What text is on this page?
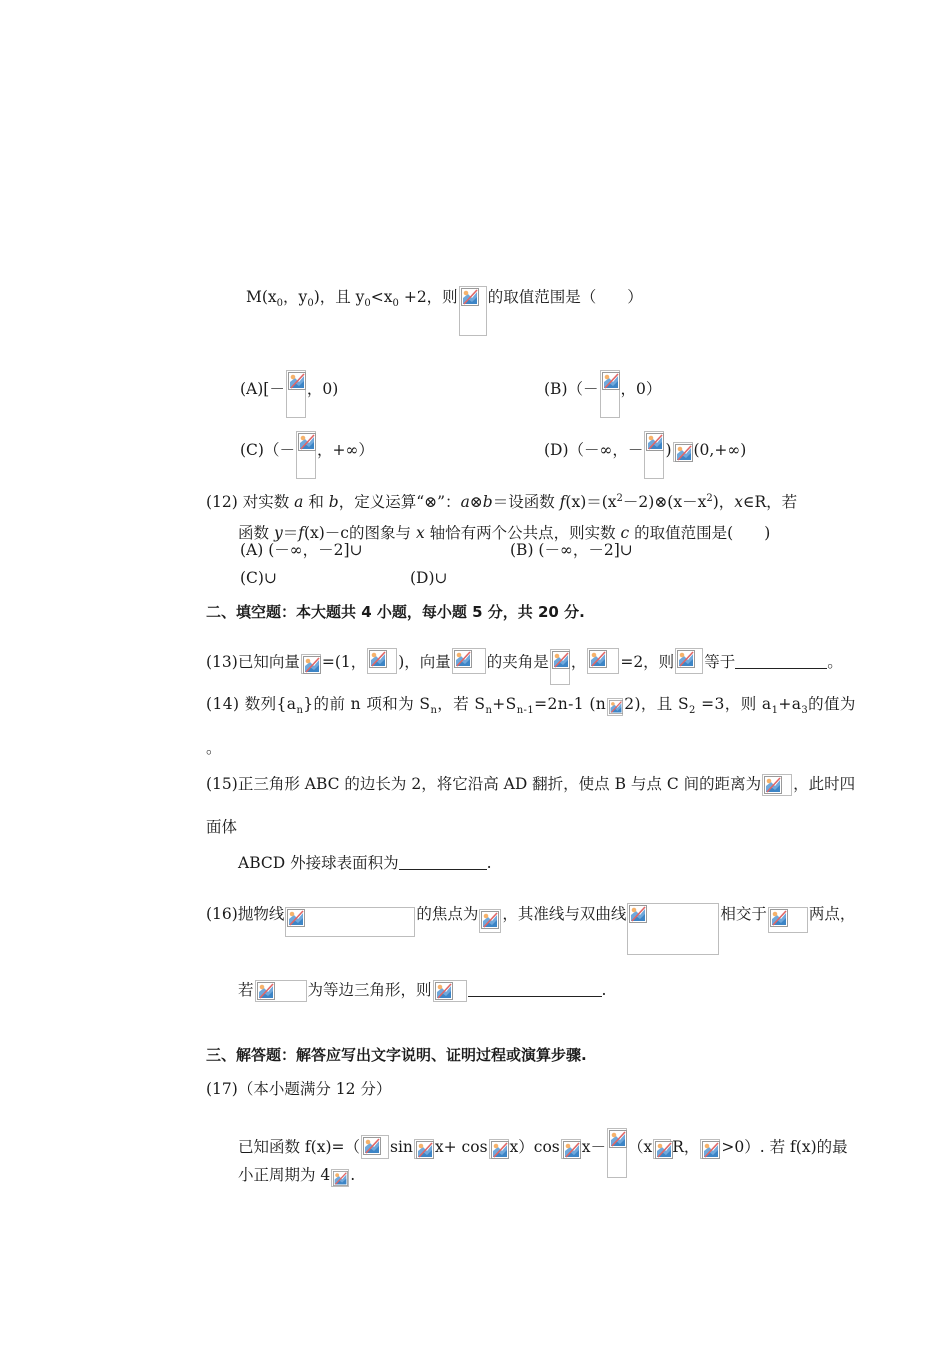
$M(x_0$，$y_0$)，且 $y_0<x_0 +2$，则 的取值范围是（　　）
(A)[－ ，0)	(B)（－ ，0）
(C)（－ ，+∞）	(D)（－∞，－ ) (0,+∞)
(12) 对实数 a 和 b，定义运算“⊗”：a⊗b＝设函数 $f(x)=(x^2-2)\otimes(x-x^2)$，x∈R，若
函数 y＝f(x)－c的图象与 x 轴恰有两个公共点，则实数 c 的取值范围是(　　)
(A) (－∞，－2]∪	(B) (－∞，－2]∪
(C)∪	(D)∪
二、填空题：本大题共 4 小题，每小题 5 分，共 20 分.
(13)已知向量 =(1， )，向量 的夹角是 ， =2，则 等于	。
(14) 数列$\{a_n\}$的前 n 项和为 $S_n$，若 $S_n+S_{n-1}=2n-1$ (n 2)，且 $S_2 =3$，则 $a_1+a_3$的值为
。
(15)正三角形 ABC 的边长为 2，将它沿高 AD 翻折，使点 B 与点 C 间的距离为 ，此时四
面体
ABCD 外接球表面积为	.
(16)抛物线	的焦点为 ，其准线与双曲线	相交于	两点，
若	为等边三角形，则	.
三、解答题：解答应写出文字说明、证明过程或演算步骤.
(17)（本小题满分 12 分）
已知函数 f(x)=（ sin x+ cos x）cos x－ （x R， >0）. 若 f(x)的最
小正周期为 4 .
